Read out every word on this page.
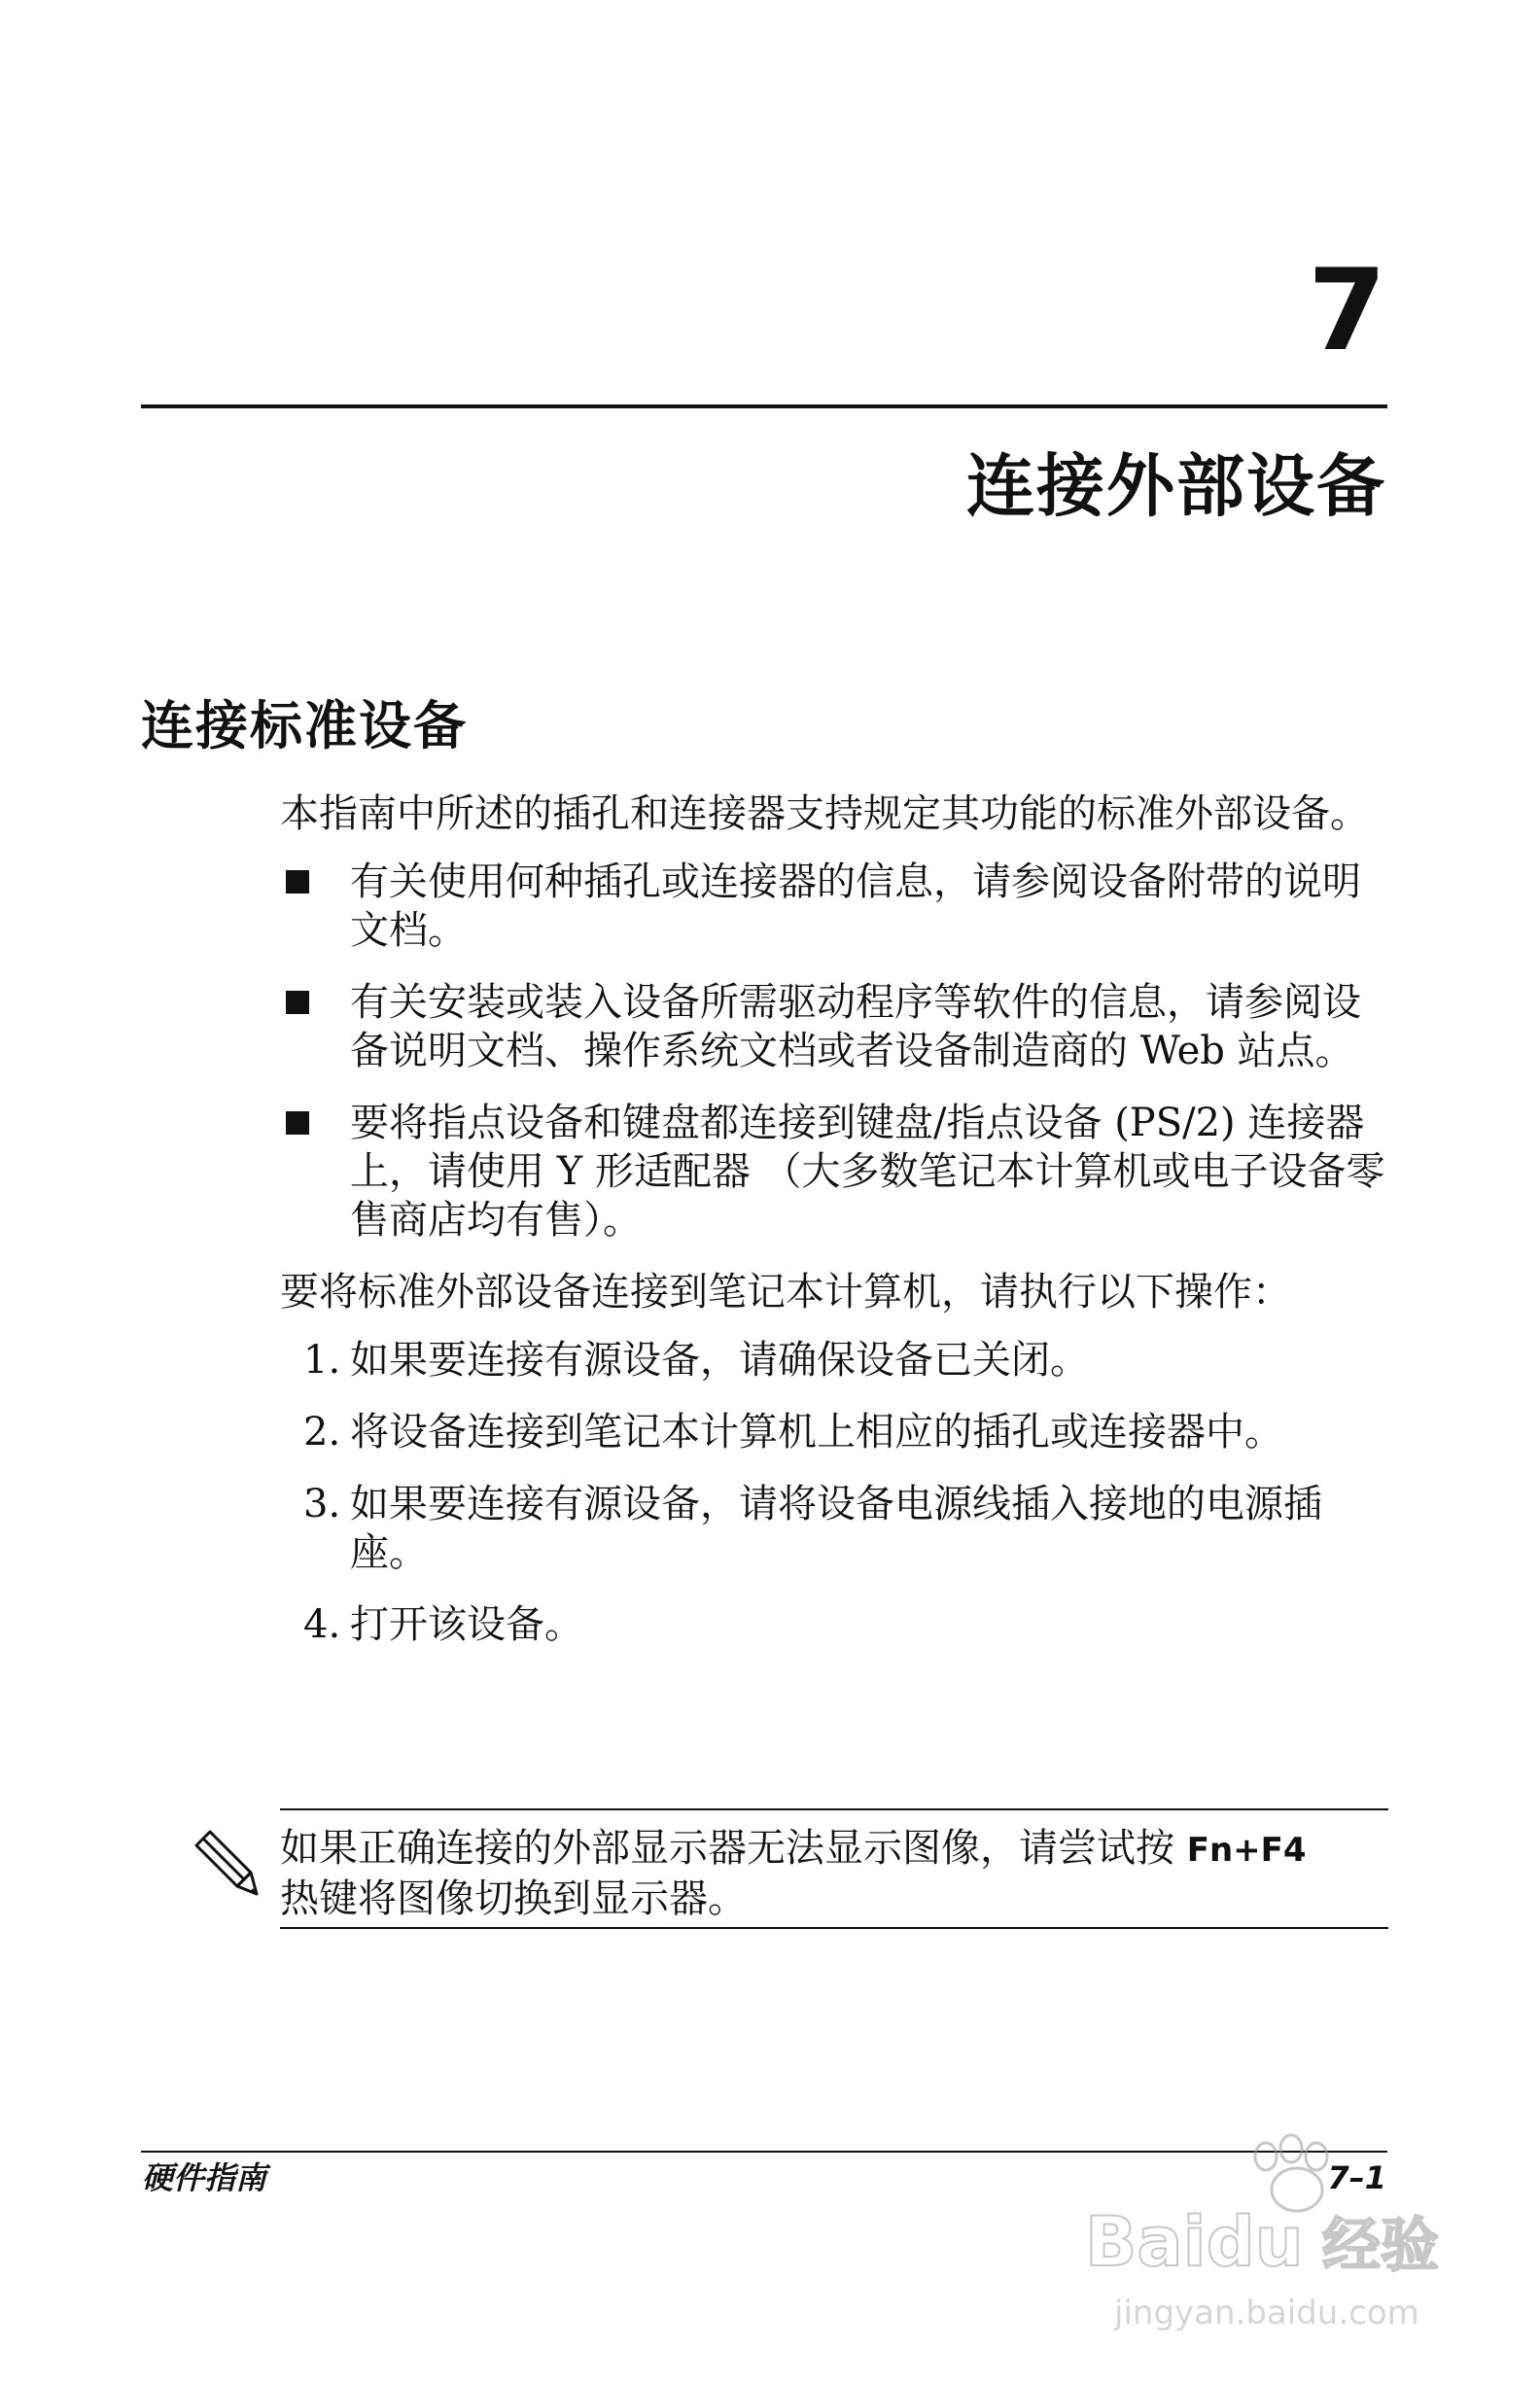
7
连接外部设备
连接标准设备

本指南中所述的插孔和连接器支持规定其功能的标准外部设备。

有关使用何种插孔或连接器的信息，请参阅设备附带的说明文档。
有关安装或装入设备所需驱动程序等软件的信息，请参阅设备说明文档、操作系统文档或者设备制造商的 Web 站点。
要将指点设备和键盘都连接到键盘/指点设备 (PS/2) 连接器上，请使用 Y 形适配器 （大多数笔记本计算机或电子设备零售商店均有售）。

要将标准外部设备连接到笔记本计算机，请执行以下操作：

1. 如果要连接有源设备，请确保设备已关闭。
2. 将设备连接到笔记本计算机上相应的插孔或连接器中。
3. 如果要连接有源设备，请将设备电源线插入接地的电源插座。
4. 打开该设备。
如果正确连接的外部显示器无法显示图像，请尝试按 Fn+F4
热键将图像切换到显示器。
硬件指南	7–1
Baidu 经验
jingyan.baidu.com
